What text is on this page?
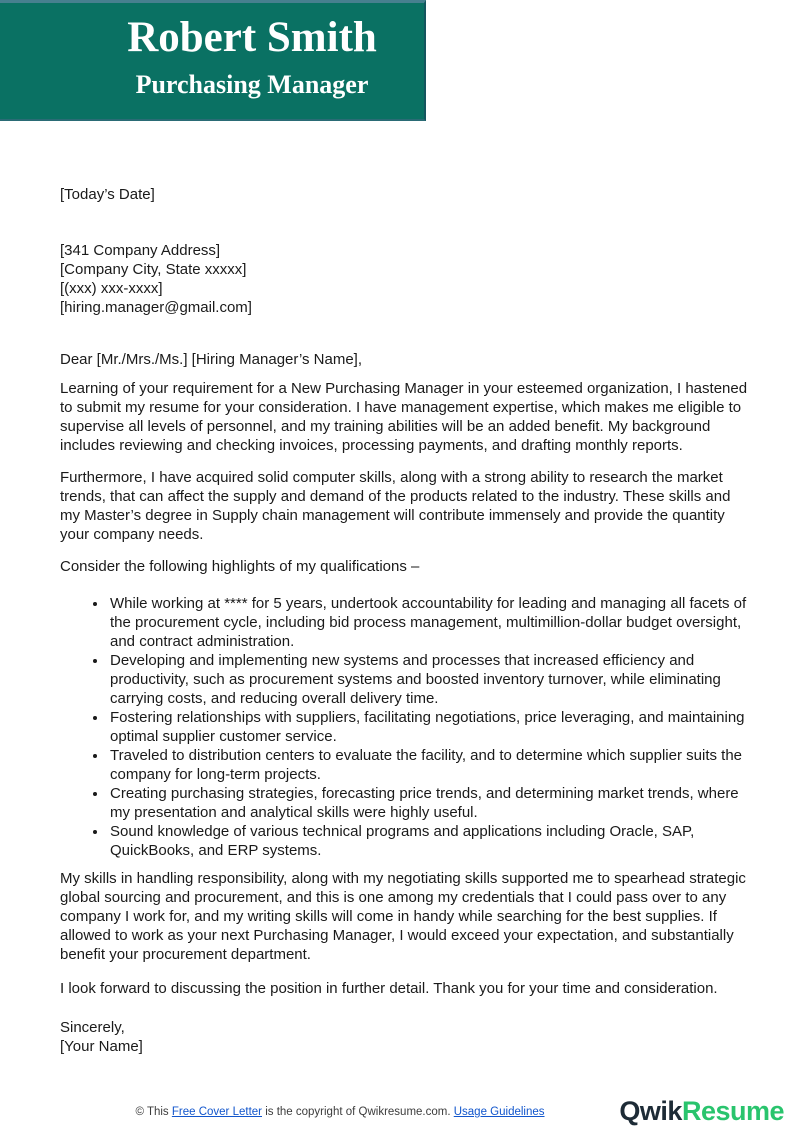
Robert Smith
Purchasing Manager

[Today’s Date]

[341 Company Address]

[Company City, State xxxxx]

[(xxx) xxx-xxxx]

[hiring.manager@gmail.com]

Dear [Mr./Mrs./Ms.] [Hiring Manager’s Name],

Learning of your requirement for a New Purchasing Manager in your esteemed organization, I hastened to submit my resume for your consideration. I have management expertise, which makes me eligible to supervise all levels of personnel, and my training abilities will be an added benefit. My background includes reviewing and checking invoices, processing payments, and drafting monthly reports.

Furthermore, I have acquired solid computer skills, along with a strong ability to research the market trends, that can affect the supply and demand of the products related to the industry. These skills and my Master’s degree in Supply chain management will contribute immensely and provide the quantity your company needs.

Consider the following highlights of my qualifications –

• While working at **** for 5 years, undertook accountability for leading and managing all facets of the procurement cycle, including bid process management, multimillion-dollar budget oversight, and contract administration.
• Developing and implementing new systems and processes that increased efficiency and productivity, such as procurement systems and boosted inventory turnover, while eliminating carrying costs, and reducing overall delivery time.
• Fostering relationships with suppliers, facilitating negotiations, price leveraging, and maintaining optimal supplier customer service.
• Traveled to distribution centers to evaluate the facility, and to determine which supplier suits the company for long-term projects.
• Creating purchasing strategies, forecasting price trends, and determining market trends, where my presentation and analytical skills were highly useful.
• Sound knowledge of various technical programs and applications including Oracle, SAP, QuickBooks, and ERP systems.

My skills in handling responsibility, along with my negotiating skills supported me to spearhead strategic global sourcing and procurement, and this is one among my credentials that I could pass over to any company I work for, and my writing skills will come in handy while searching for the best supplies. If allowed to work as your next Purchasing Manager, I would exceed your expectation, and substantially benefit your procurement department.

I look forward to discussing the position in further detail. Thank you for your time and consideration.

Sincerely,

[Your Name]

© This Free Cover Letter is the copyright of Qwikresume.com. Usage Guidelines	QwikResume
